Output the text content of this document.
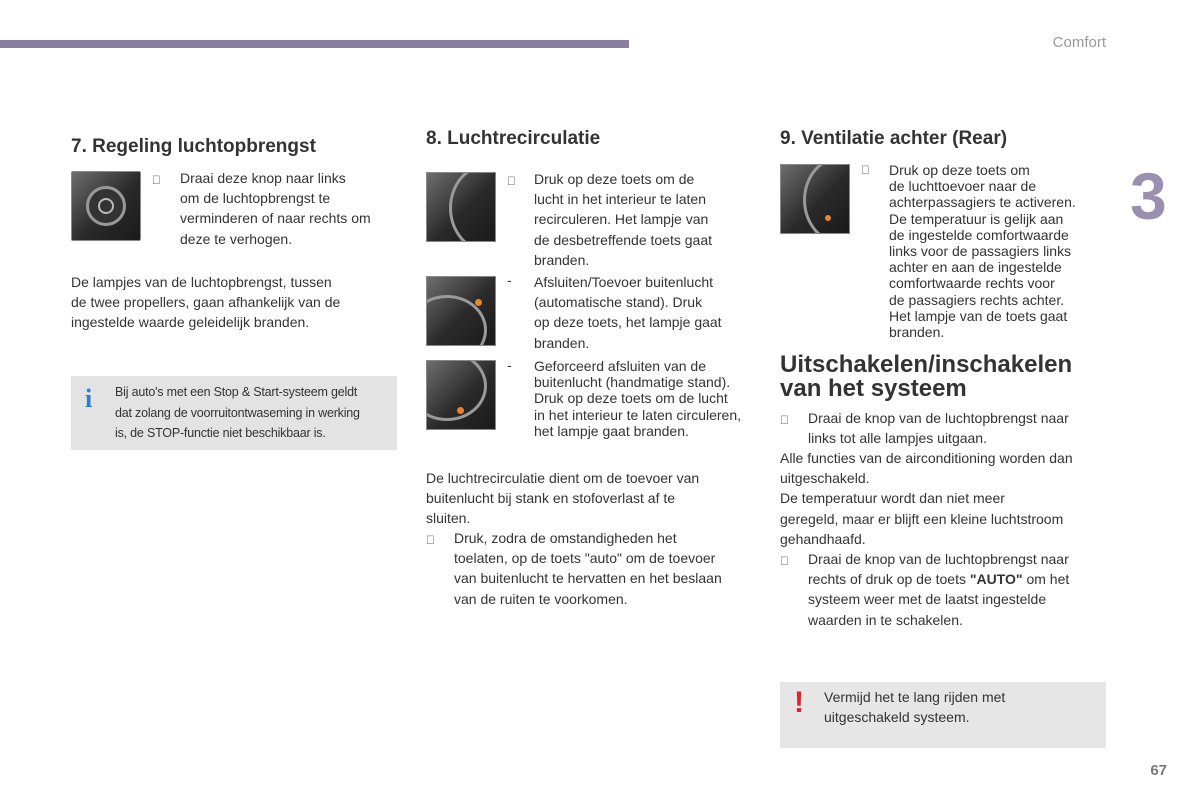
Comfort
3
7. Regeling luchtopbrengst
Draai deze knop naar links
om de luchtopbrengst te
verminderen of naar rechts om
deze te verhogen.
De lampjes van de luchtopbrengst, tussen
de twee propellers, gaan afhankelijk van de
ingestelde waarde geleidelijk branden.
i Bij auto's met een Stop & Start-systeem geldt
dat zolang de voorruitontwaseming in werking
is, de STOP-functie niet beschikbaar is.
8. Luchtrecirculatie
Druk op deze toets om de
lucht in het interieur te laten
recirculeren. Het lampje van
de desbetreffende toets gaat
branden.
- Afsluiten/Toevoer buitenlucht
(automatische stand). Druk
op deze toets, het lampje gaat
branden.
- Geforceerd afsluiten van de
buitenlucht (handmatige stand).
Druk op deze toets om de lucht
in het interieur te laten circuleren,
het lampje gaat branden.
De luchtrecirculatie dient om de toevoer van
buitenlucht bij stank en stofoverlast af te
sluiten.
Druk, zodra de omstandigheden het
toelaten, op de toets "auto" om de toevoer
van buitenlucht te hervatten en het beslaan
van de ruiten te voorkomen.
9. Ventilatie achter (Rear)
Druk op deze toets om
de luchttoevoer naar de
achterpassagiers te activeren.
De temperatuur is gelijk aan
de ingestelde comfortwaarde
links voor de passagiers links
achter en aan de ingestelde
comfortwaarde rechts voor
de passagiers rechts achter.
Het lampje van de toets gaat
branden.
Uitschakelen/inschakelen
van het systeem
Draai de knop van de luchtopbrengst naar
links tot alle lampjes uitgaan.
Alle functies van de airconditioning worden dan
uitgeschakeld.
De temperatuur wordt dan niet meer
geregeld, maar er blijft een kleine luchtstroom
gehandhaafd.
Draai de knop van de luchtopbrengst naar
rechts of druk op de toets "AUTO" om het
systeem weer met de laatst ingestelde
waarden in te schakelen.
! Vermijd het te lang rijden met
uitgeschakeld systeem.
67
